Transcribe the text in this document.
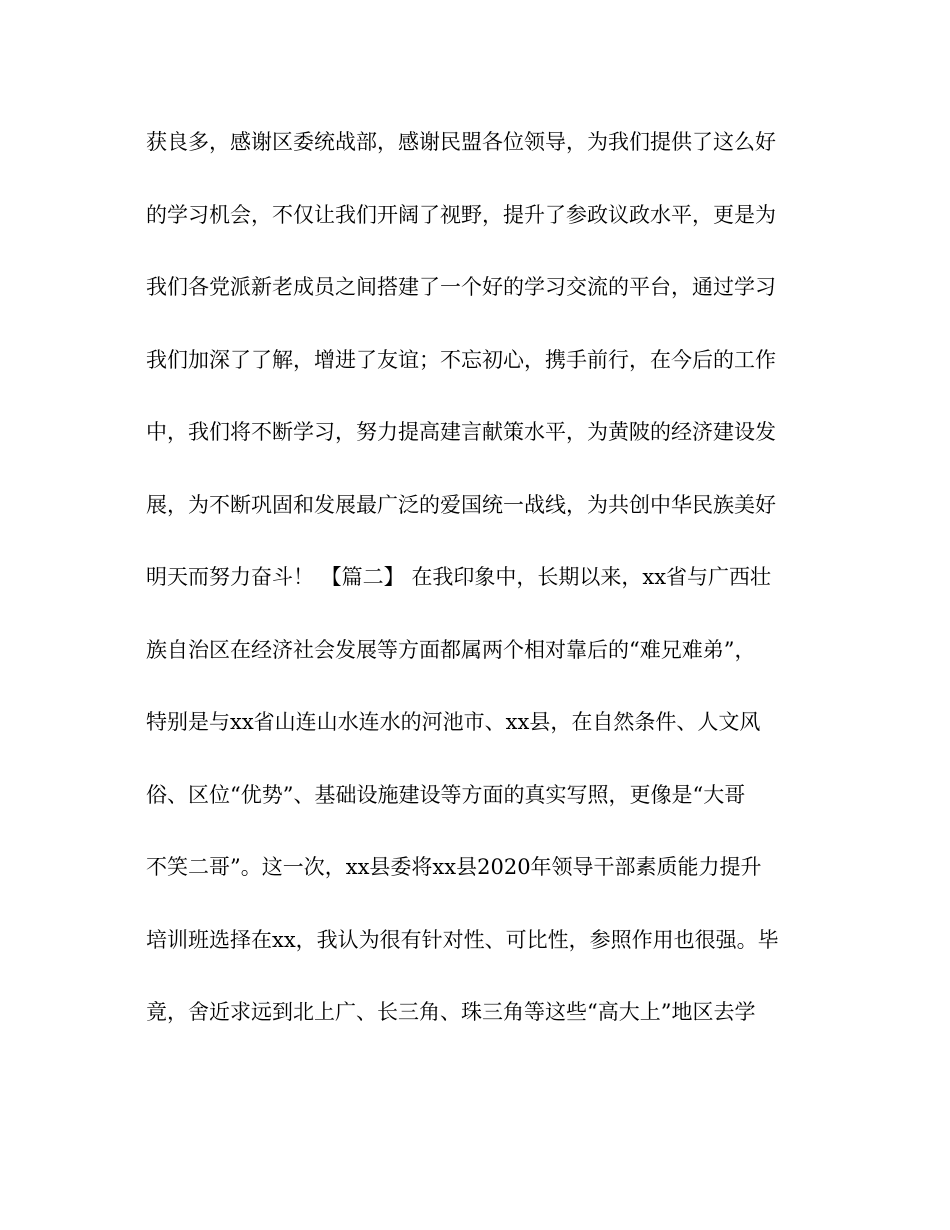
获良多，感谢区委统战部，感谢民盟各位领导，为我们提供了这么好
的学习机会，不仅让我们开阔了视野，提升了参政议政水平，更是为
我们各党派新老成员之间搭建了一个好的学习交流的平台，通过学习
我们加深了了解，增进了友谊；不忘初心，携手前行，在今后的工作
中，我们将不断学习，努力提高建言献策水平，为黄陂的经济建设发
展，为不断巩固和发展最广泛的爱国统一战线，为共创中华民族美好
明天而努力奋斗！ 【篇二】 在我印象中，长期以来，xx省与广西壮
族自治区在经济社会发展等方面都属两个相对靠后的“难兄难弟”，
特别是与xx省山连山水连水的河池市、xx县，在自然条件、人文风
俗、区位“优势”、基础设施建设等方面的真实写照，更像是“大哥
不笑二哥”。这一次，xx县委将xx县2020年领导干部素质能力提升
培训班选择在xx，我认为很有针对性、可比性，参照作用也很强。毕
竟，舍近求远到北上广、长三角、珠三角等这些“高大上”地区去学
